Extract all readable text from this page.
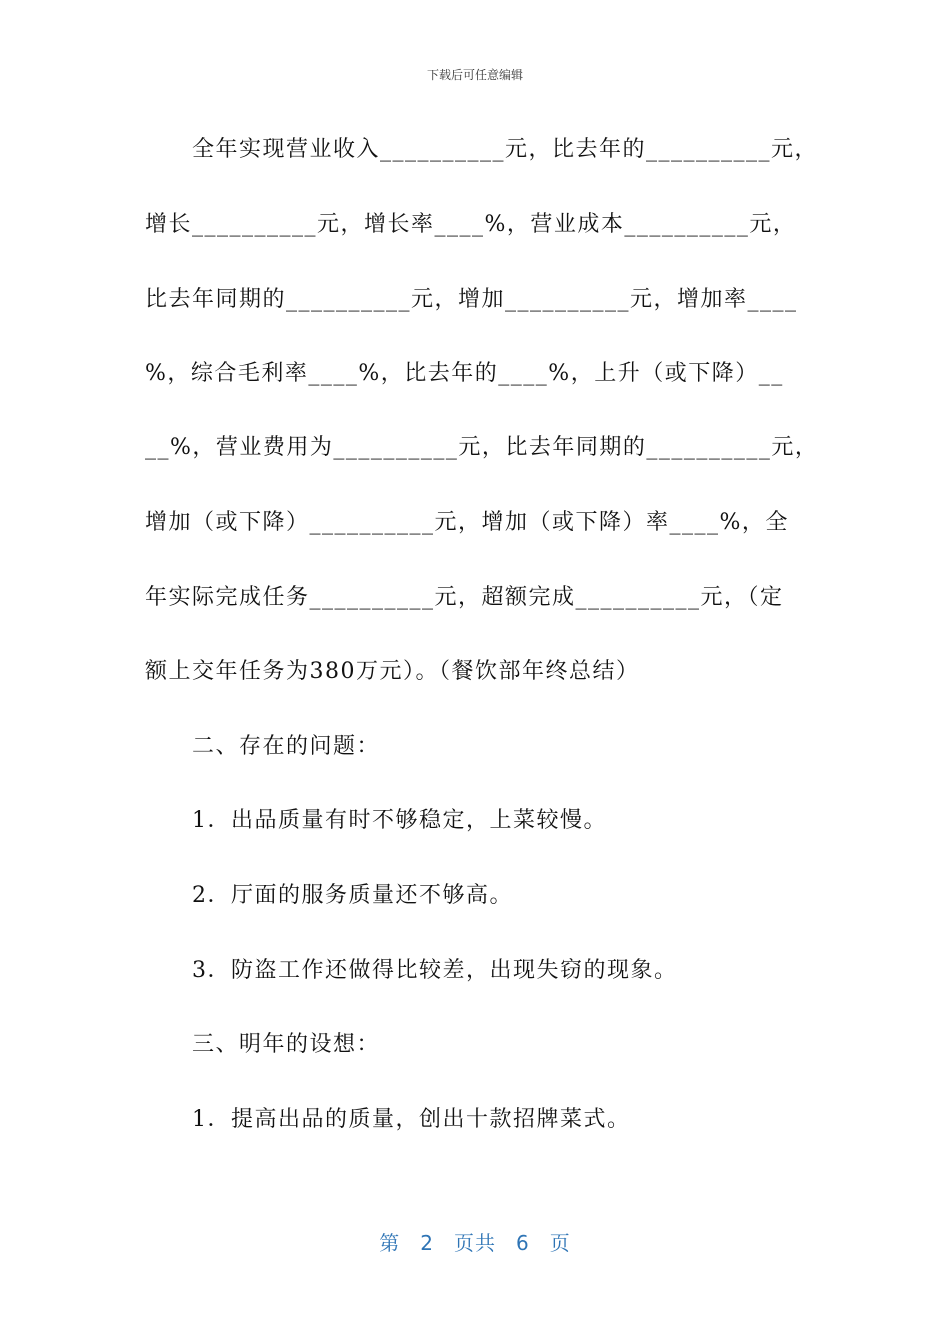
下载后可任意编辑
　　全年实现营业收入__________元，比去年的__________元，
增长__________元，增长率____%，营业成本__________元，
比去年同期的__________元，增加__________元，增加率____
%，综合毛利率____%，比去年的____%，上升（或下降）__
__%，营业费用为__________元，比去年同期的__________元，
增加（或下降）__________元，增加（或下降）率____%，全
年实际完成任务__________元，超额完成__________元，（定
额上交年任务为380万元）。（餐饮部年终总结）
　　二、存在的问题：
　　1．出品质量有时不够稳定，上菜较慢。
　　2．厅面的服务质量还不够高。
　　3．防盗工作还做得比较差，出现失窃的现象。
　　三、明年的设想：
　　1．提高出品的质量，创出十款招牌菜式。
第 2 页共 6 页
